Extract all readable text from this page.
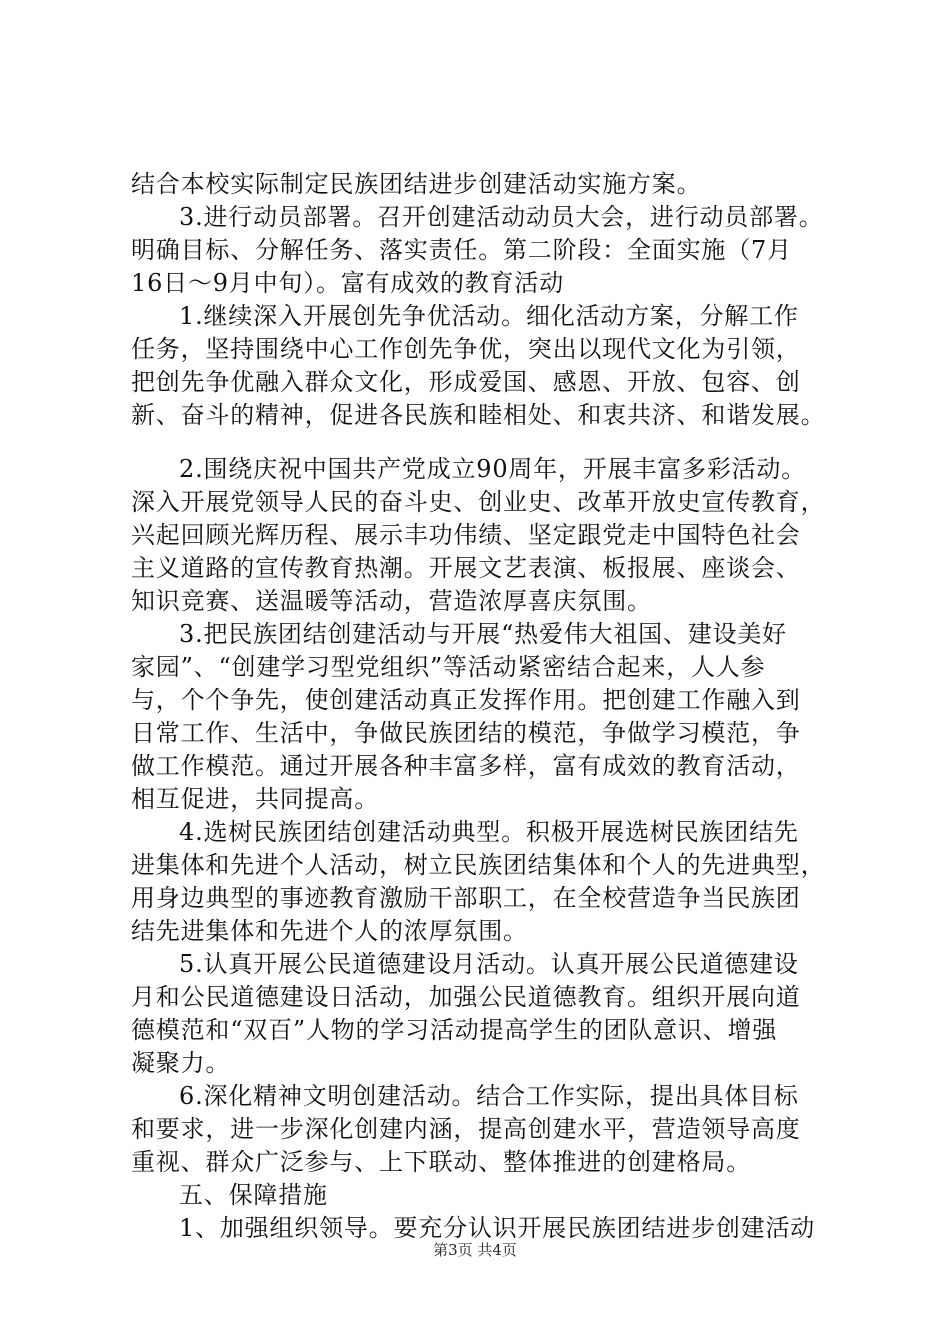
结合本校实际制定民族团结进步创建活动实施方案。
3.进行动员部署。召开创建活动动员大会，进行动员部署。
明确目标、分解任务、落实责任。第二阶段：全面实施（7月
16日～9月中旬）。富有成效的教育活动
1.继续深入开展创先争优活动。细化活动方案，分解工作
任务，坚持围绕中心工作创先争优，突出以现代文化为引领，
把创先争优融入群众文化，形成爱国、感恩、开放、包容、创
新、奋斗的精神，促进各民族和睦相处、和衷共济、和谐发展。
2.围绕庆祝中国共产党成立90周年，开展丰富多彩活动。
深入开展党领导人民的奋斗史、创业史、改革开放史宣传教育，
兴起回顾光辉历程、展示丰功伟绩、坚定跟党走中国特色社会
主义道路的宣传教育热潮。开展文艺表演、板报展、座谈会、
知识竞赛、送温暖等活动，营造浓厚喜庆氛围。
3.把民族团结创建活动与开展“热爱伟大祖国、建设美好
家园”、“创建学习型党组织”等活动紧密结合起来，人人参
与，个个争先，使创建活动真正发挥作用。把创建工作融入到
日常工作、生活中，争做民族团结的模范，争做学习模范，争
做工作模范。通过开展各种丰富多样，富有成效的教育活动，
相互促进，共同提高。
4.选树民族团结创建活动典型。积极开展选树民族团结先
进集体和先进个人活动，树立民族团结集体和个人的先进典型，
用身边典型的事迹教育激励干部职工，在全校营造争当民族团
结先进集体和先进个人的浓厚氛围。
5.认真开展公民道德建设月活动。认真开展公民道德建设
月和公民道德建设日活动，加强公民道德教育。组织开展向道
德模范和“双百”人物的学习活动提高学生的团队意识、增强
凝聚力。
6.深化精神文明创建活动。结合工作实际，提出具体目标
和要求，进一步深化创建内涵，提高创建水平，营造领导高度
重视、群众广泛参与、上下联动、整体推进的创建格局。
五、保障措施
1、加强组织领导。要充分认识开展民族团结进步创建活动
第3页 共4页
